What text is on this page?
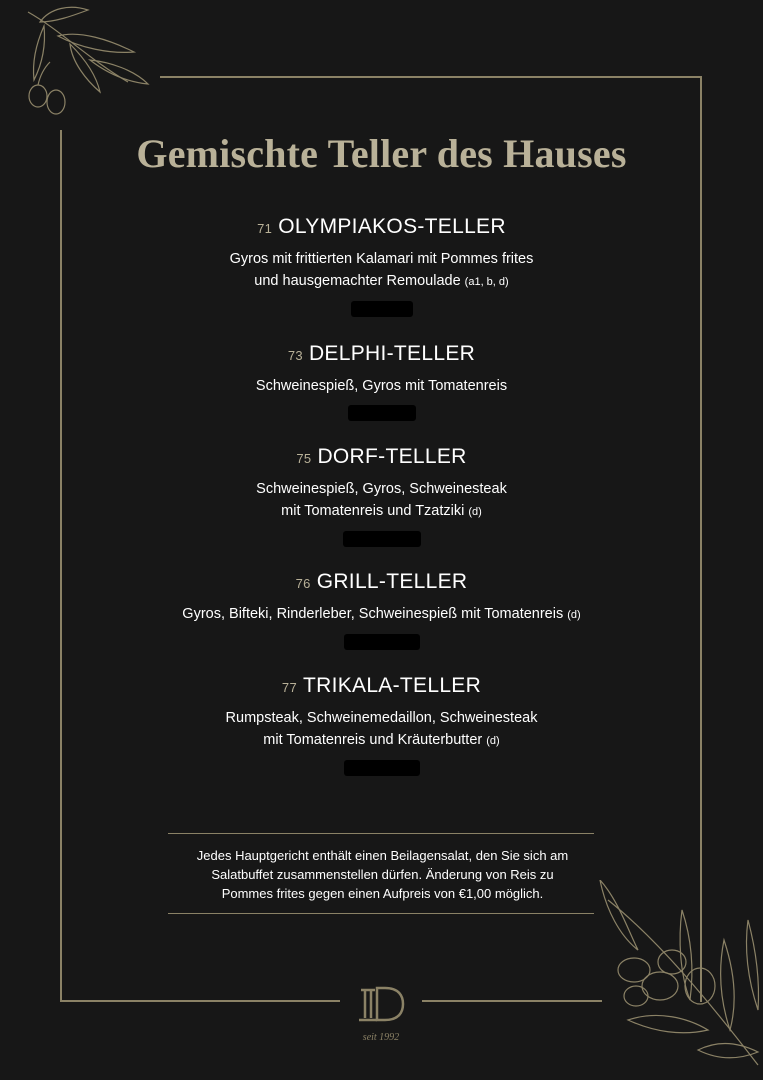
Gemischte Teller des Hauses
71 OLYMPIAKOS-TELLER
Gyros mit frittierten Kalamari mit Pommes frites
und hausgemachter Remoulade (a1, b, d)
73 DELPHI-TELLER
Schweinespieß, Gyros mit Tomatenreis
75 DORF-TELLER
Schweinespieß, Gyros, Schweinesteak
mit Tomatenreis und Tzatziki (d)
76 GRILL-TELLER
Gyros, Bifteki, Rinderleber, Schweinespieß mit Tomatenreis (d)
77 TRIKALA-TELLER
Rumpsteak, Schweinemedaillon, Schweinesteak
mit Tomatenreis und Kräuterbutter (d)
Jedes Hauptgericht enthält einen Beilagensalat, den Sie sich am
Salatbuffet zusammenstellen dürfen. Änderung von Reis zu
Pommes frites gegen einen Aufpreis von €1,00 möglich.
seit 1992
